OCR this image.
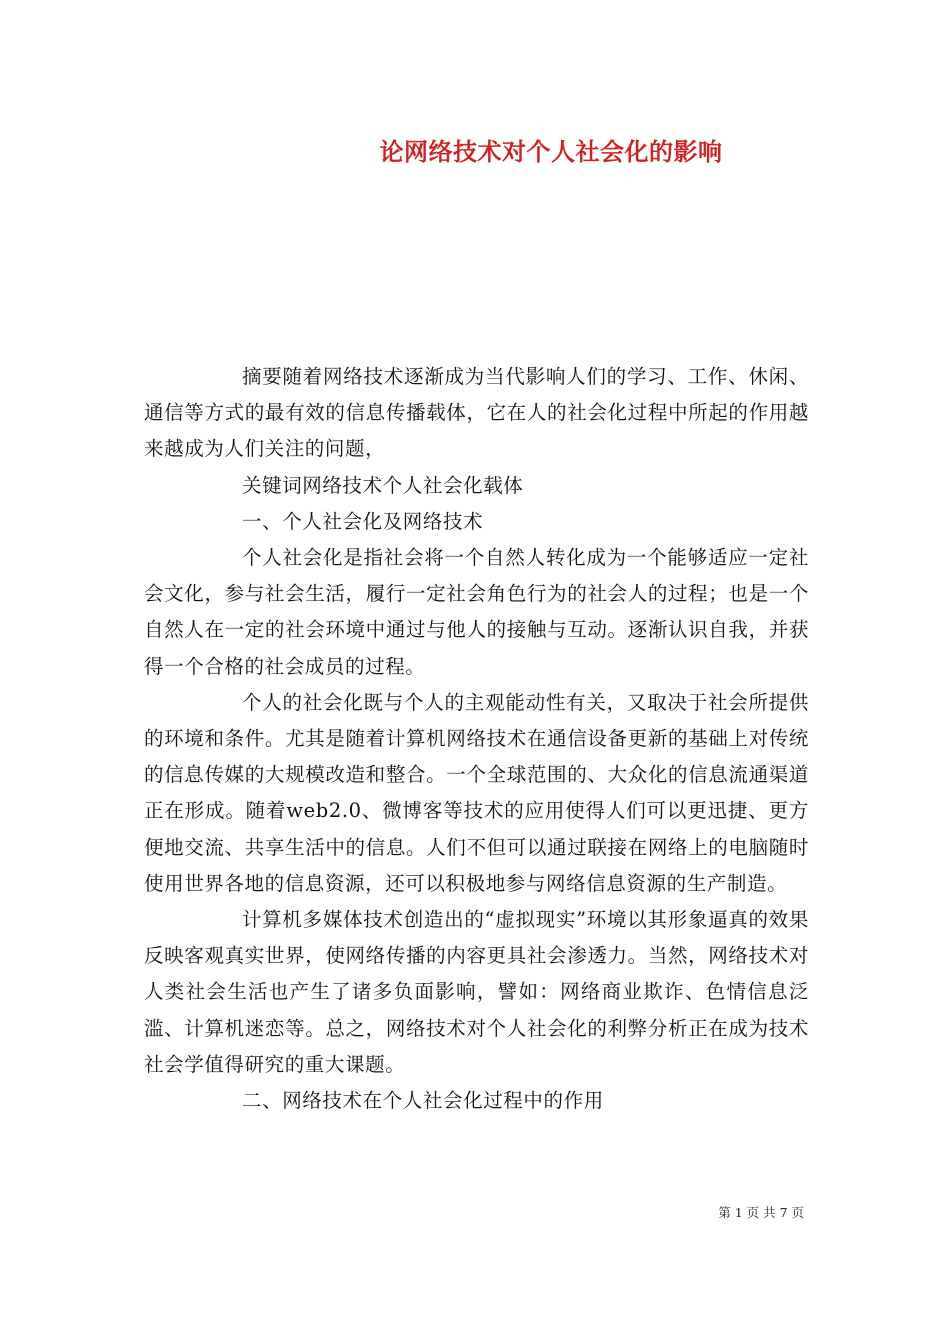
论网络技术对个人社会化的影响

摘要随着网络技术逐渐成为当代影响人们的学习、工作、休闲、通信等方式的最有效的信息传播载体，它在人的社会化过程中所起的作用越来越成为人们关注的问题，

关键词网络技术个人社会化载体

一、个人社会化及网络技术

个人社会化是指社会将一个自然人转化成为一个能够适应一定社会文化，参与社会生活，履行一定社会角色行为的社会人的过程；也是一个自然人在一定的社会环境中通过与他人的接触与互动。逐渐认识自我，并获得一个合格的社会成员的过程。

个人的社会化既与个人的主观能动性有关，又取决于社会所提供的环境和条件。尤其是随着计算机网络技术在通信设备更新的基础上对传统的信息传媒的大规模改造和整合。一个全球范围的、大众化的信息流通渠道正在形成。随着web2.0、微博客等技术的应用使得人们可以更迅捷、更方便地交流、共享生活中的信息。人们不但可以通过联接在网络上的电脑随时使用世界各地的信息资源，还可以积极地参与网络信息资源的生产制造。

计算机多媒体技术创造出的“虚拟现实”环境以其形象逼真的效果反映客观真实世界，使网络传播的内容更具社会渗透力。当然，网络技术对人类社会生活也产生了诸多负面影响，譬如：网络商业欺诈、色情信息泛滥、计算机迷恋等。总之，网络技术对个人社会化的利弊分析正在成为技术社会学值得研究的重大课题。

二、网络技术在个人社会化过程中的作用

第 1 页 共 7 页
